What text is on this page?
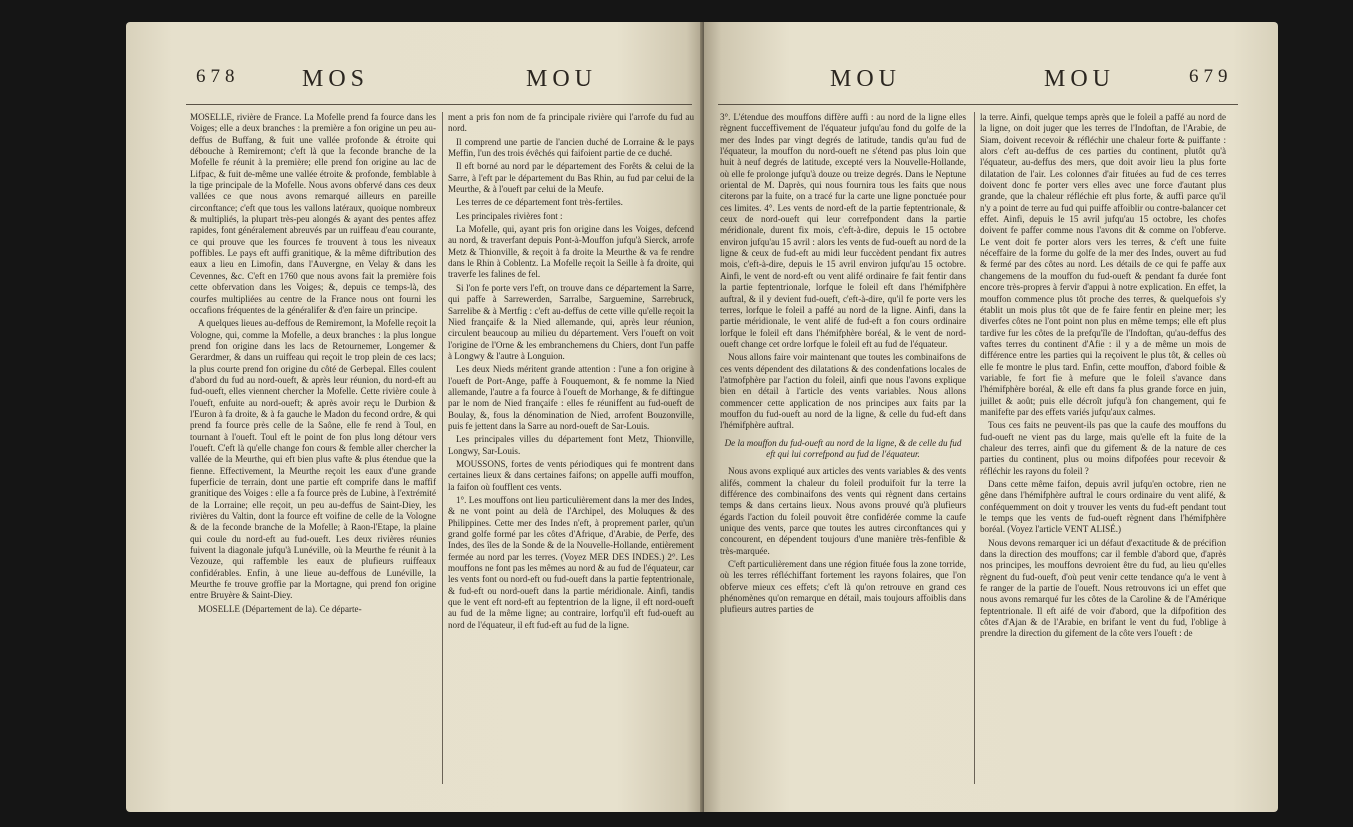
678	MOS	MOU

MOSELLE, rivière de France. La Mofelle prend fa fource dans les Voiges; elle a deux branches : la première a fon origine un peu au-deffus de Buffang, & fuit une vallée profonde & étroite qui débouche à Remiremont; c'eft là que la feconde branche de la Mofelle fe réunit à la première; elle prend fon origine au lac de Lifpac, & fuit de-même une vallée étroite & profonde, femblable à la tige principale de la Mofelle. Nous avons obfervé dans ces deux vallées ce que nous avons remarqué ailleurs en pareille circonftance; c'eft que tous les vallons latéraux, quoique nombreux & multipliés, la plupart très-peu alongés & ayant des pentes affez rapides, font généralement abreuvés par un ruiffeau d'eau courante, ce qui prouve que les fources fe trouvent à tous les niveaux poffibles. Le pays eft auffi granitique, & la même diftribution des eaux a lieu en Limofin, dans l'Auvergne, en Velay & dans les Cevennes, &c. C'eft en 1760 que nous avons fait la première fois cette obfervation dans les Voiges; &, depuis ce temps-là, des courfes multipliées au centre de la France nous ont fourni les occafions fréquentes de la généralifer & d'en faire un principe.

A quelques lieues au-deffous de Remiremont, la Mofelle reçoit la Vologne, qui, comme la Mofelle, a deux branches : la plus longue prend fon origine dans les lacs de Retournemer, Longemer & Gerardmer, & dans un ruiffeau qui reçoit le trop plein de ces lacs; la plus courte prend fon origine du côté de Gerbepal. Elles coulent d'abord du fud au nord-oueft, & après leur réunion, du nord-eft au fud-oueft, elles viennent chercher la Mofelle. Cette rivière coule à l'oueft, enfuite au nord-oueft; & après avoir reçu le Durbion & l'Euron à fa droite, & à fa gauche le Madon du fecond ordre, & qui prend fa fource près celle de la Saône, elle fe rend à Toul, en tournant à l'oueft. Toul eft le point de fon plus long détour vers l'oueft. C'eft là qu'elle change fon cours & femble aller chercher la vallée de la Meurthe, qui eft bien plus vafte & plus étendue que la fienne. Effectivement, la Meurthe reçoit les eaux d'une grande fuperficie de terrain, dont une partie eft comprife dans le maffif granitique des Voiges : elle a fa fource près de Lubine, à l'extrémité de la Lorraine; elle reçoit, un peu au-deffus de Saint-Diey, les rivières du Valtin, dont la fource eft voifine de celle de la Vologne & de la feconde branche de la Mofelle; à Raon-l'Etape, la plaine qui coule du nord-eft au fud-oueft. Les deux rivières réunies fuivent la diagonale jufqu'à Lunéville, où la Meurthe fe réunit à la Vezouze, qui raffemble les eaux de plufieurs ruiffeaux confidérables. Enfin, à une lieue au-deffous de Lunéville, la Meurthe fe trouve groffie par la Mortagne, qui prend fon origine entre Bruyère & Saint-Diey.

MOSELLE (Département de la). Ce départe-

ment a pris fon nom de fa principale rivière qui l'arrofe du fud au nord.

Il comprend une partie de l'ancien duché de Lorraine & le pays Meffin, l'un des trois évêchés qui faifoient partie de ce duché.

Il eft borné au nord par le département des Forêts & celui de la Sarre, à l'eft par le département du Bas Rhin, au fud par celui de la Meurthe, & à l'oueft par celui de la Meufe.

Les terres de ce département font très-fertiles.

Les principales rivières font :

La Mofelle, qui, ayant pris fon origine dans les Voiges, defcend au nord, & traverfant depuis Pont-à-Mouffon jufqu'à Sierck, arrofe Metz & Thionville, & reçoit à fa droite la Meurthe & va fe rendre dans le Rhin à Coblentz. La Mofelle reçoit la Seille à fa droite, qui traverfe les falines de fel.

Si l'on fe porte vers l'eft, on trouve dans ce département la Sarre, qui paffe à Sarrewerden, Sarralbe, Sarguemine, Sarrebruck, Sarrelibe & à Mertfig : c'eft au-deffus de cette ville qu'elle reçoit la Nied françaife & la Nied allemande, qui, après leur réunion, circulent beaucoup au milieu du département. Vers l'oueft on voit l'origine de l'Orne & les embranchemens du Chiers, dont l'un paffe à Longwy & l'autre à Longuion.

Les deux Nieds méritent grande attention : l'une a fon origine à l'oueft de Port-Ange, paffe à Fouquemont, & fe nomme la Nied allemande, l'autre a fa fource à l'oueft de Morhange, & fe diftingue par le nom de Nied françaife : elles fe réuniffent au fud-oueft de Boulay, &, fous la dénomination de Nied, arrofent Bouzonville, puis fe jettent dans la Sarre au nord-oueft de Sar-Louis.

Les principales villes du département font Metz, Thionville, Longwy, Sar-Louis.

MOUSSONS, fortes de vents périodiques qui fe montrent dans certaines lieux & dans certaines faifons; on appelle auffi mouffon, la faifon où foufflent ces vents.

1°. Les mouffons ont lieu particulièrement dans la mer des Indes, & ne vont point au delà de l'Archipel, des Moluques & des Philippines. Cette mer des Indes n'eft, à proprement parler, qu'un grand golfe formé par les côtes d'Afrique, d'Arabie, de Perfe, des Indes, des îles de la Sonde & de la Nouvelle-Hollande, entièrement fermée au nord par les terres. (Voyez MER DES INDES.) 2°. Les mouffons ne font pas les mêmes au nord & au fud de l'équateur, car les vents font ou nord-eft ou fud-oueft dans la partie feptentrionale, & fud-eft ou nord-oueft dans la partie méridionale. Ainfi, tandis que le vent eft nord-eft au feptentrion de la ligne, il eft nord-oueft au fud de la même ligne; au contraire, lorfqu'il eft fud-oueft au nord de l'équateur, il eft fud-eft au fud de la ligne.

MOU	MOU	679

3°. L'étendue des mouffons diffère auffi : au nord de la ligne elles règnent fucceffivement de l'équateur jufqu'au fond du golfe de la mer des Indes par vingt degrés de latitude, tandis qu'au fud de l'équateur, la mouffon du nord-oueft ne s'étend pas plus loin que huit à neuf degrés de latitude, excepté vers la Nouvelle-Hollande, où elle fe prolonge jufqu'à douze ou treize degrés. Dans le Neptune oriental de M. Daprès, qui nous fournira tous les faits que nous citerons par la fuite, on a tracé fur la carte une ligne ponctuée pour ces limites. 4°. Les vents de nord-eft de la partie feptentrionale, & ceux de nord-oueft qui leur correfpondent dans la partie méridionale, durent fix mois, c'eft-à-dire, depuis le 15 octobre environ jufqu'au 15 avril : alors les vents de fud-oueft au nord de la ligne & ceux de fud-eft au midi leur fuccèdent pendant fix autres mois, c'eft-à-dire, depuis le 15 avril environ jufqu'au 15 octobre. Ainfi, le vent de nord-eft ou vent alifé ordinaire fe fait fentir dans la partie feptentrionale, lorfque le foleil eft dans l'hémifphère auftral, & il y devient fud-oueft, c'eft-à-dire, qu'il fe porte vers les terres, lorfque le foleil a paffé au nord de la ligne. Ainfi, dans la partie méridionale, le vent alifé de fud-eft a fon cours ordinaire lorfque le foleil eft dans l'hémifphère boréal, & le vent de nord-oueft change cet ordre lorfque le foleil eft au fud de l'équateur.

Nous allons faire voir maintenant que toutes les combinaifons de ces vents dépendent des dilatations & des condenfations locales de l'atmofphère par l'action du foleil, ainfi que nous l'avons explique bien en détail à l'article des vents variables. Nous allons commencer cette application de nos principes aux faits par la mouffon du fud-oueft au nord de la ligne, & celle du fud-eft dans l'hémifphère auftral.

De la mouffon du fud-oueft au nord de la ligne, & de celle du fud eft qui lui correfpond au fud de l'équateur.

Nous avons expliqué aux articles des vents variables & des vents alifés, comment la chaleur du foleil produifoit fur la terre la différence des combinaifons des vents qui règnent dans certains temps & dans certains lieux. Nous avons prouvé qu'à plufieurs égards l'action du foleil pouvoit être confidérée comme la caufe unique des vents, parce que toutes les autres circonftances qui y concourent, en dépendent toujours d'une manière très-fenfible & très-marquée.

C'eft particulièrement dans une région fituée fous la zone torride, où les terres réfléchiffant fortement les rayons folaires, que l'on obferve mieux ces effets; c'eft là qu'on retrouve en grand ces phénomènes qu'on remarque en détail, mais toujours affoiblis dans plufieurs autres parties de

la terre. Ainfi, quelque temps après que le foleil a paffé au nord de la ligne, on doit juger que les terres de l'Indoftan, de l'Arabie, de Siam, doivent recevoir & réfléchir une chaleur forte & puiffante : alors c'eft au-deffus de ces parties du continent, plutôt qu'à l'équateur, au-deffus des mers, que doit avoir lieu la plus forte dilatation de l'air. Les colonnes d'air fituées au fud de ces terres doivent donc fe porter vers elles avec une force d'autant plus grande, que la chaleur réfléchie eft plus forte, & auffi parce qu'il n'y a point de terre au fud qui puiffe affoiblir ou contre-balancer cet effet. Ainfi, depuis le 15 avril jufqu'au 15 octobre, les chofes doivent fe paffer comme nous l'avons dit & comme on l'obferve. Le vent doit fe porter alors vers les terres, & c'eft une fuite néceffaire de la forme du golfe de la mer des Indes, ouvert au fud & fermé par des côtes au nord. Les détails de ce qui fe paffe aux changemens de la mouffon du fud-oueft & pendant fa durée font encore très-propres à fervir d'appui à notre explication. En effet, la mouffon commence plus tôt proche des terres, & quelquefois s'y établit un mois plus tôt que de fe faire fentir en pleine mer; les diverfes côtes ne l'ont point non plus en même temps; elle eft plus tardive fur les côtes de la prefqu'île de l'Indoftan, qu'au-deffus des vaftes terres du continent d'Afie : il y a de même un mois de différence entre les parties qui la reçoivent le plus tôt, & celles où elle fe montre le plus tard. Enfin, cette mouffon, d'abord foible & variable, fe fort fie à mefure que le foleil s'avance dans l'hémifphère boréal, & elle eft dans fa plus grande force en juin, juillet & août; puis elle décroît jufqu'à fon changement, qui fe manifefte par des effets variés jufqu'aux calmes.

Tous ces faits ne peuvent-ils pas que la caufe des mouffons du fud-oueft ne vient pas du large, mais qu'elle eft la fuite de la chaleur des terres, ainfi que du gifement & de la nature de ces parties du continent, plus ou moins difpofées pour recevoir & réfléchir les rayons du foleil ?

Dans cette même faifon, depuis avril jufqu'en octobre, rien ne gêne dans l'hémifphère auftral le cours ordinaire du vent alifé, & conféquemment on doit y trouver les vents du fud-eft pendant tout le temps que les vents de fud-oueft règnent dans l'hémifphère boréal. (Voyez l'article VENT ALISÉ.)

Nous devons remarquer ici un défaut d'exactitude & de précifion dans la direction des mouffons; car il femble d'abord que, d'après nos principes, les mouffons devroient être du fud, au lieu qu'elles règnent du fud-oueft, d'où peut venir cette tendance qu'a le vent à fe ranger de la partie de l'oueft. Nous retrouvons ici un effet que nous avons remarqué fur les côtes de la Caroline & de l'Amérique feptentrionale. Il eft aifé de voir d'abord, que la difpofition des côtes d'Ajan & de l'Arabie, en brifant le vent du fud, l'oblige à prendre la direction du gifement de la côte vers l'oueft : de
